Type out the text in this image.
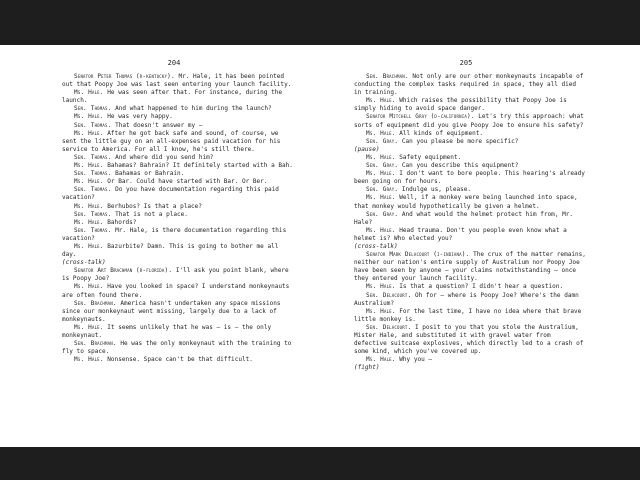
204

Senator Peter Thomas (r-kentucky). Mr. Hale, it has been pointed out that Poopy Joe was last seen entering your launch facility.

Ms. Hale. He was seen after that. For instance, during the launch.

Sen. Thomas. And what happened to him during the launch?

Ms. Hale. He was very happy.

Sen. Thomas. That doesn't answer my –

Ms. Hale. After he got back safe and sound, of course, we sent the little guy on an all-expenses paid vacation for his service to America. For all I know, he's still there.

Sen. Thomas. And where did you send him?

Ms. Hale. Bahamas? Bahrain? It definitely started with a Bah.

Sen. Thomas. Bahamas or Bahrain.

Ms. Hale. Or Bar. Could have started with Bar. Or Ber.

Sen. Thomas. Do you have documentation regarding this paid vacation?

Ms. Hale. Berhubos? Is that a place?

Sen. Thomas. That is not a place.

Ms. Hale. Bahords?

Sen. Thomas. Mr. Hale, is there documentation regarding this vacation?

Ms. Hale. Bazurbite? Damn. This is going to bother me all day.

(cross-talk)

Senator Art Brachman (r-florida). I'll ask you point blank, where is Poopy Joe?

Ms. Hale. Have you looked in space? I understand monkeynauts are often found there.

Sen. Brachman. America hasn't undertaken any space missions since our monkeynaut went missing, largely due to a lack of monkeynauts.

Ms. Hale. It seems unlikely that he was – is – the only monkeynaut.

Sen. Brachman. He was the only monkeynaut with the training to fly to space.

Ms. Hale. Nonsense. Space can't be that difficult.

205

Sen. Brachman. Not only are our other monkeynauts incapable of conducting the complex tasks required in space, they all died in training.

Ms. Hale. Which raises the possibility that Poopy Joe is simply hiding to avoid space danger.

Senator Mitchell Gray (d-california). Let's try this approach: what sorts of equipment did you give Poopy Joe to ensure his safety?

Ms. Hale. All kinds of equipment.

Sen. Gray. Can you please be more specific?

(pause)

Ms. Hale. Safety equipment.

Sen. Gray. Can you describe this equipment?

Ms. Hale. I don't want to bore people. This hearing's already been going on for hours.

Sen. Gray. Indulge us, please.

Ms. Hale. Well, if a monkey were being launched into space, that monkey would hypothetically be given a helmet.

Sen. Gray. And what would the helmet protect him from, Mr. Hale?

Ms. Hale. Head trauma. Don't you people even know what a helmet is? Who elected you?

(cross-talk)

Senator Mark Delacourt (i-indiana). The crux of the matter remains, neither our nation's entire supply of Australium nor Poopy Joe have been seen by anyone – your claims notwithstanding – once they entered your launch facility.

Ms. Hale. Is that a question? I didn't hear a question.

Sen. Delacourt. Oh for – where is Poopy Joe? Where's the damn Australium?

Ms. Hale. For the last time, I have no idea where that brave little monkey is.

Sen. Delacourt. I posit to you that you stole the Australium, Mister Hale, and substituted it with gravel water from defective suitcase explosives, which directly led to a crash of some kind, which you've covered up.

Ms. Hale. Why you –

(fight)
